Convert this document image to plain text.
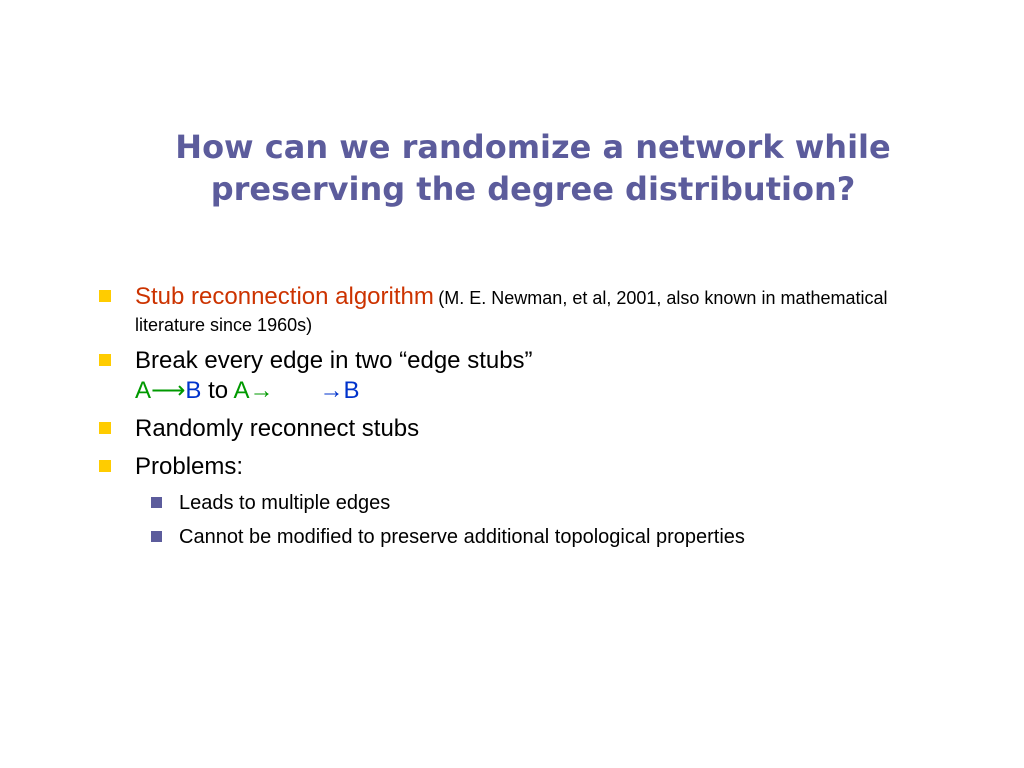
How can we randomize a network while
preserving the degree distribution?
Stub reconnection algorithm (M. E. Newman, et al, 2001, also known in mathematical literature since 1960s)
Break every edge in two “edge stubs”
A⟶B to A→ →B
Randomly reconnect stubs
Problems:
Leads to multiple edges
Cannot be modified to preserve additional topological properties
